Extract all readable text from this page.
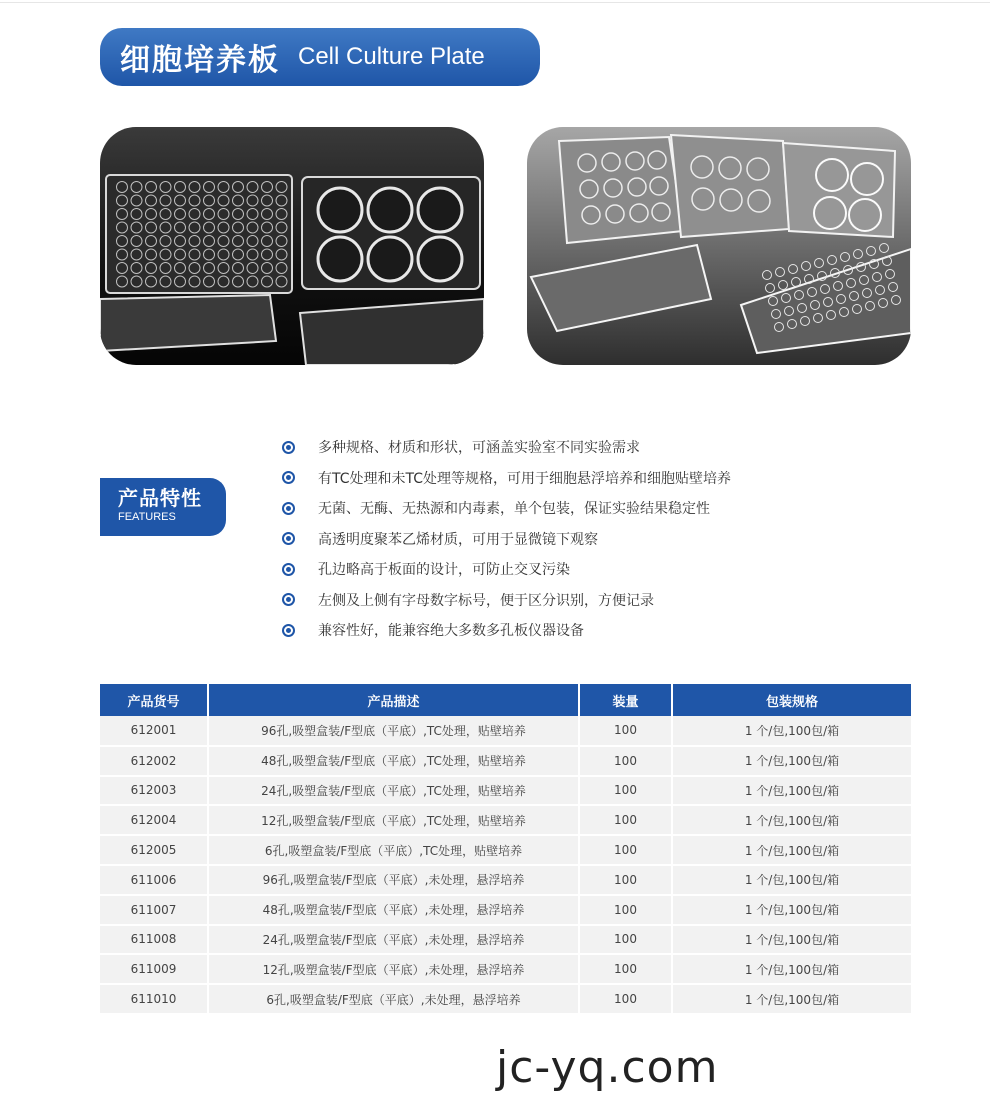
细胞培养板 Cell Culture Plate
产品特性
FEATURES
多种规格、材质和形状，可涵盖实验室不同实验需求
有TC处理和未TC处理等规格，可用于细胞悬浮培养和细胞贴壁培养
无菌、无酶、无热源和内毒素，单个包装，保证实验结果稳定性
高透明度聚苯乙烯材质，可用于显微镜下观察
孔边略高于板面的设计，可防止交叉污染
左侧及上侧有字母数字标号，便于区分识别，方便记录
兼容性好，能兼容绝大多数多孔板仪器设备
产品货号	产品描述	装量	包装规格
612001	96孔,吸塑盒装/F型底（平底）,TC处理，贴壁培养	100	1 个/包,100包/箱
612002	48孔,吸塑盒装/F型底（平底）,TC处理，贴壁培养	100	1 个/包,100包/箱
612003	24孔,吸塑盒装/F型底（平底）,TC处理，贴壁培养	100	1 个/包,100包/箱
612004	12孔,吸塑盒装/F型底（平底）,TC处理，贴壁培养	100	1 个/包,100包/箱
612005	6孔,吸塑盒装/F型底（平底）,TC处理，贴壁培养	100	1 个/包,100包/箱
611006	96孔,吸塑盒装/F型底（平底）,未处理，悬浮培养	100	1 个/包,100包/箱
611007	48孔,吸塑盒装/F型底（平底）,未处理，悬浮培养	100	1 个/包,100包/箱
611008	24孔,吸塑盒装/F型底（平底）,未处理，悬浮培养	100	1 个/包,100包/箱
611009	12孔,吸塑盒装/F型底（平底）,未处理，悬浮培养	100	1 个/包,100包/箱
611010	6孔,吸塑盒装/F型底（平底）,未处理，悬浮培养	100	1 个/包,100包/箱
jc-yq.com
